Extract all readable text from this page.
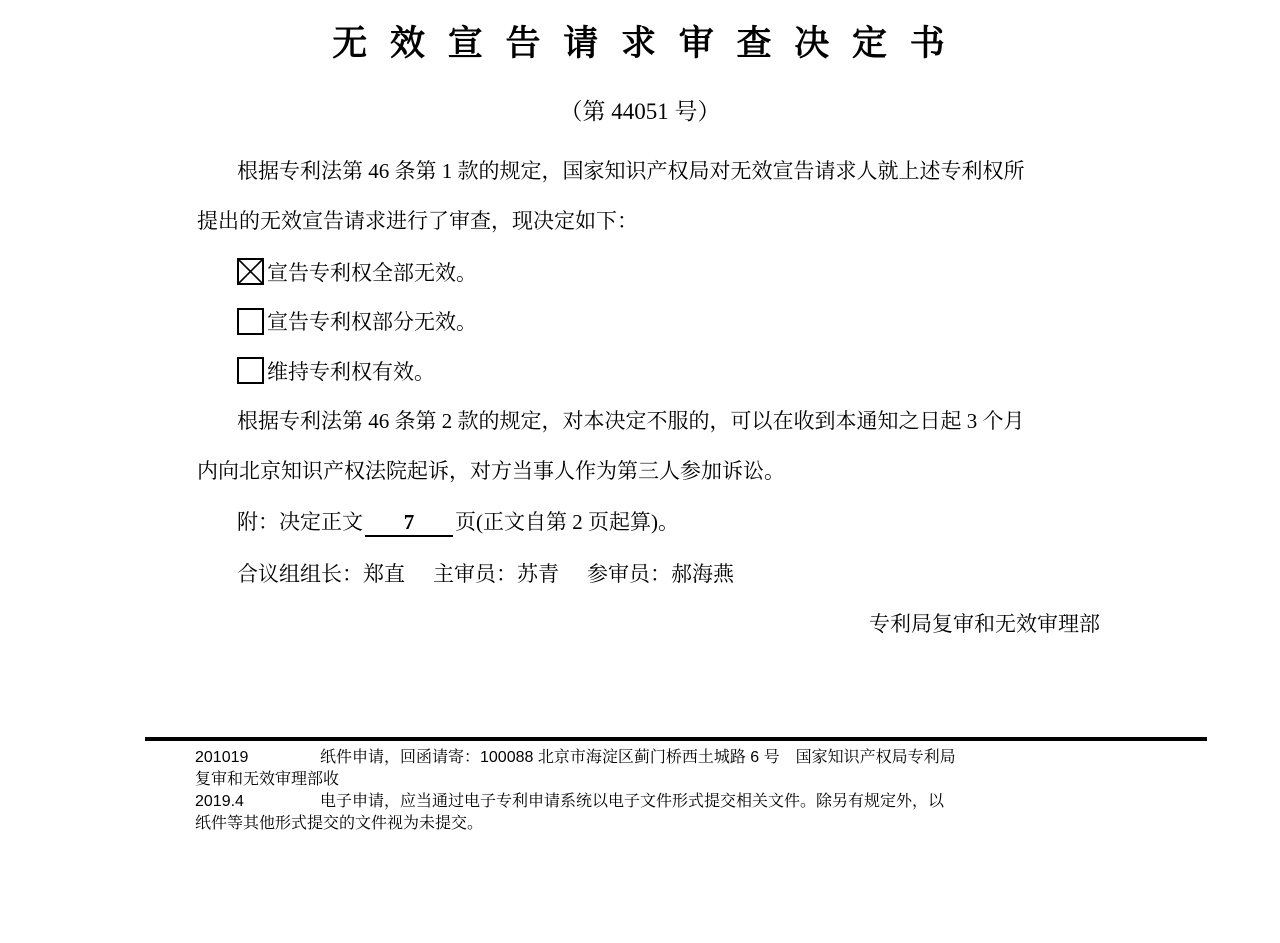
无 效 宣 告 请 求 审 查 决 定 书
（第 44051 号）
根据专利法第 46 条第 1 款的规定，国家知识产权局对无效宣告请求人就上述专利权所
提出的无效宣告请求进行了审查，现决定如下：
宣告专利权全部无效。
宣告专利权部分无效。
维持专利权有效。
根据专利法第 46 条第 2 款的规定，对本决定不服的，可以在收到本通知之日起 3 个月
内向北京知识产权法院起诉，对方当事人作为第三人参加诉讼。
附：决定正文 7 页(正文自第 2 页起算)。
合议组组长：郑直 主审员：苏青 参审员：郝海燕
专利局复审和无效审理部
201019	纸件申请，回函请寄：100088 北京市海淀区蓟门桥西土城路 6 号　国家知识产权局专利局
复审和无效审理部收
2019.4	电子申请，应当通过电子专利申请系统以电子文件形式提交相关文件。除另有规定外，以
纸件等其他形式提交的文件视为未提交。
